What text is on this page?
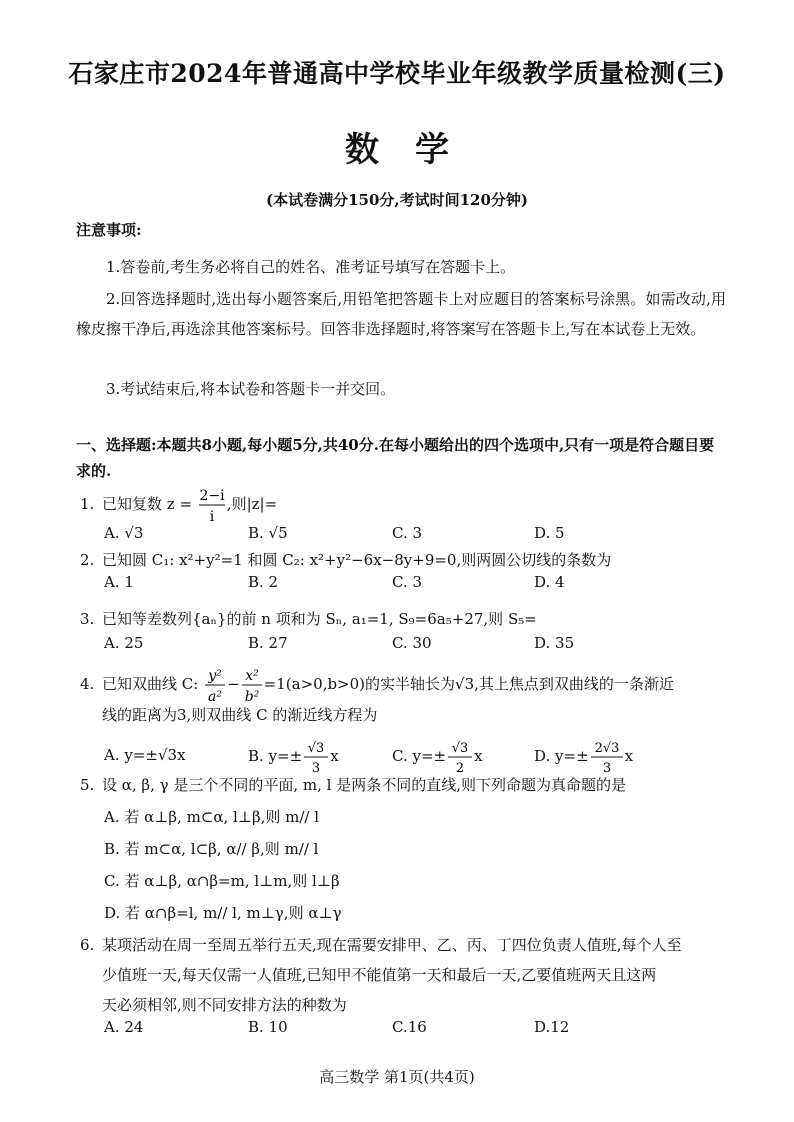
石家庄市2024年普通高中学校毕业年级教学质量检测(三)
数学
(本试卷满分150分,考试时间120分钟)
注意事项:
1.答卷前,考生务必将自己的姓名、准考证号填写在答题卡上。
2.回答选择题时,选出每小题答案后,用铅笔把答题卡上对应题目的答案标号涂黑。如需改动,用橡皮擦干净后,再选涂其他答案标号。回答非选择题时,将答案写在答题卡上,写在本试卷上无效。
3.考试结束后,将本试卷和答题卡一并交回。
一、选择题:本题共8小题,每小题5分,共40分.在每小题给出的四个选项中,只有一项是符合题目要求的.
1. 已知复数 z = 2−i
i
,则|z|=
A. √3	B. √5	C. 3	D. 5
2. 已知圆 C₁: x²+y²=1 和圆 C₂: x²+y²−6x−8y+9=0,则两圆公切线的条数为
A. 1	B. 2	C. 3	D. 4
3. 已知等差数列{aₙ}的前 n 项和为 Sₙ, a₁=1, S₉=6a₅+27,则 S₅=
A. 25	B. 27	C. 30	D. 35
4. 已知双曲线 C: y²
a²
− x²
b²
=1(a>0,b>0)的实半轴长为√3,其上焦点到双曲线的一条渐近
线的距离为3,则双曲线 C 的渐近线方程为
A. y=±√3x	B. y=± √3
3
x	C. y=± √3
2
x	D. y=± 2√3
3
x
5. 设 α, β, γ 是三个不同的平面, m, l 是两条不同的直线,则下列命题为真命题的是
A. 若 α⊥β, m⊂α, l⊥β,则 m// l
B. 若 m⊂α, l⊂β, α// β,则 m// l
C. 若 α⊥β, α∩β=m, l⊥m,则 l⊥β
D. 若 α∩β=l, m// l, m⊥γ,则 α⊥γ
6. 某项活动在周一至周五举行五天,现在需要安排甲、乙、丙、丁四位负责人值班,每个人至
少值班一天,每天仅需一人值班,已知甲不能值第一天和最后一天,乙要值班两天且这两
天必须相邻,则不同安排方法的种数为
A. 24	B. 10	C.16	D.12
高三数学 第1页(共4页)
